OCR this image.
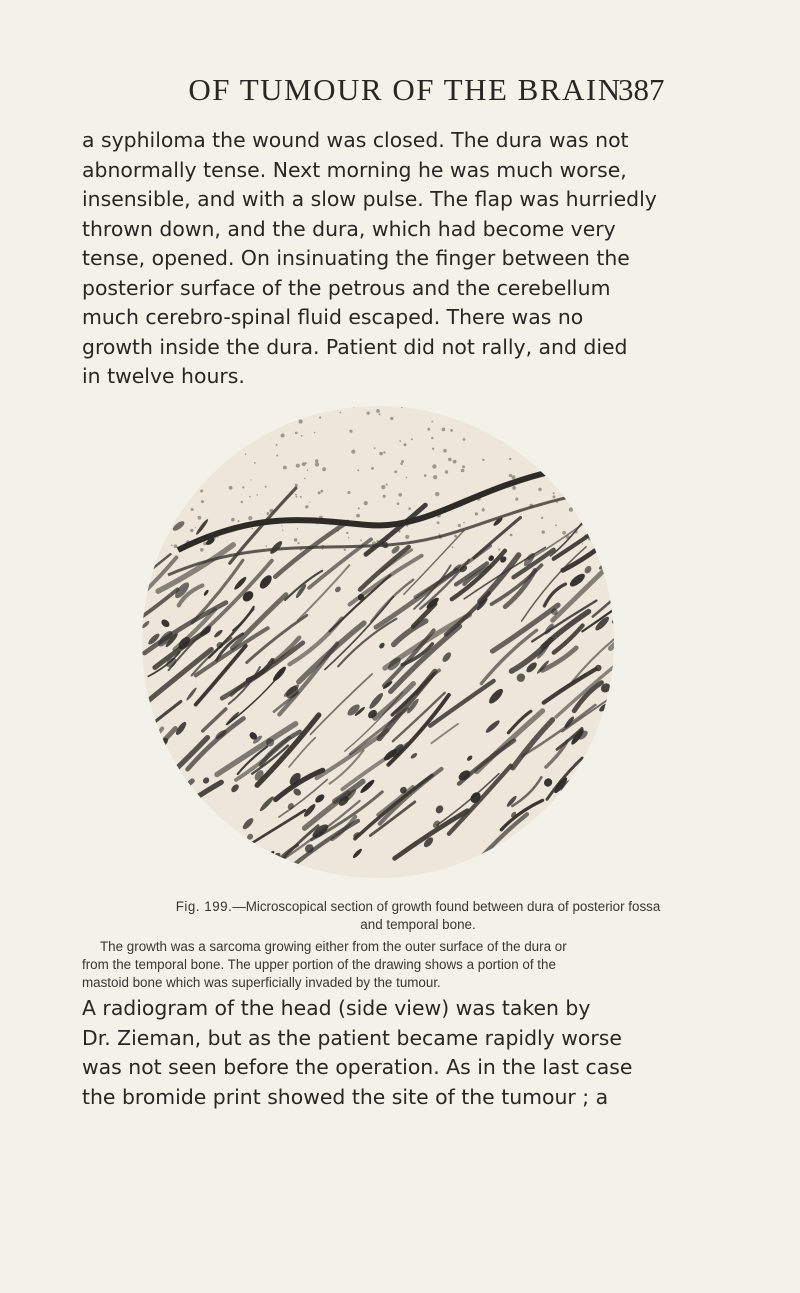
OF TUMOUR OF THE BRAIN
387
a syphiloma the wound was closed. The dura was not
abnormally tense. Next morning he was much worse,
insensible, and with a slow pulse. The flap was hurriedly
thrown down, and the dura, which had become very
tense, opened. On insinuating the finger between the
posterior surface of the petrous and the cerebellum
much cerebro-spinal fluid escaped. There was no
growth inside the dura. Patient did not rally, and died
in twelve hours.
Fig. 199.—Microscopical section of growth found between dura of posterior fossa
and temporal bone.
The growth was a sarcoma growing either from the outer surface of the dura or
from the temporal bone. The upper portion of the drawing shows a portion of the
mastoid bone which was superficially invaded by the tumour.
A radiogram of the head (side view) was taken by
Dr. Zieman, but as the patient became rapidly worse
was not seen before the operation. As in the last case
the bromide print showed the site of the tumour ; a
